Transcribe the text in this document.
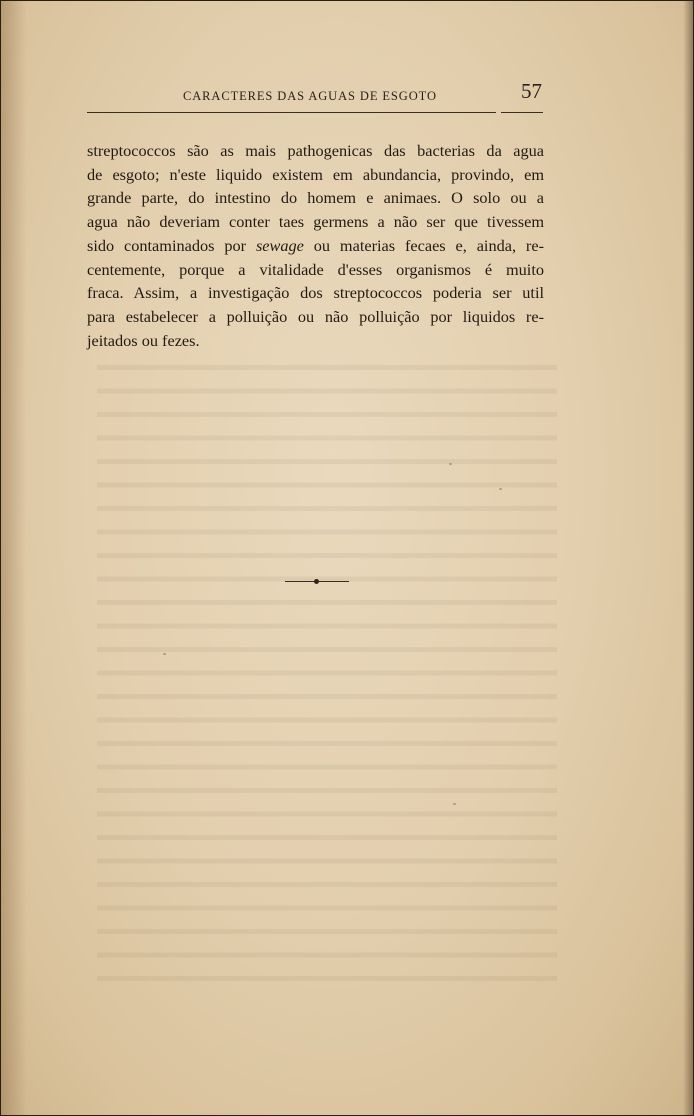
CARACTERES DAS AGUAS DE ESGOTO	57
streptococcos são as mais pathogenicas das bacterias da agua
de esgoto; n'este liquido existem em abundancia, provindo, em
grande parte, do intestino do homem e animaes. O solo ou a
agua não deveriam conter taes germens a não ser que tivessem
sido contaminados por sewage ou materias fecaes e, ainda, re-
centemente, porque a vitalidade d'esses organismos é muito
fraca. Assim, a investigação dos streptococcos poderia ser util
para estabelecer a polluição ou não polluição por liquidos re-
jeitados ou fezes.
